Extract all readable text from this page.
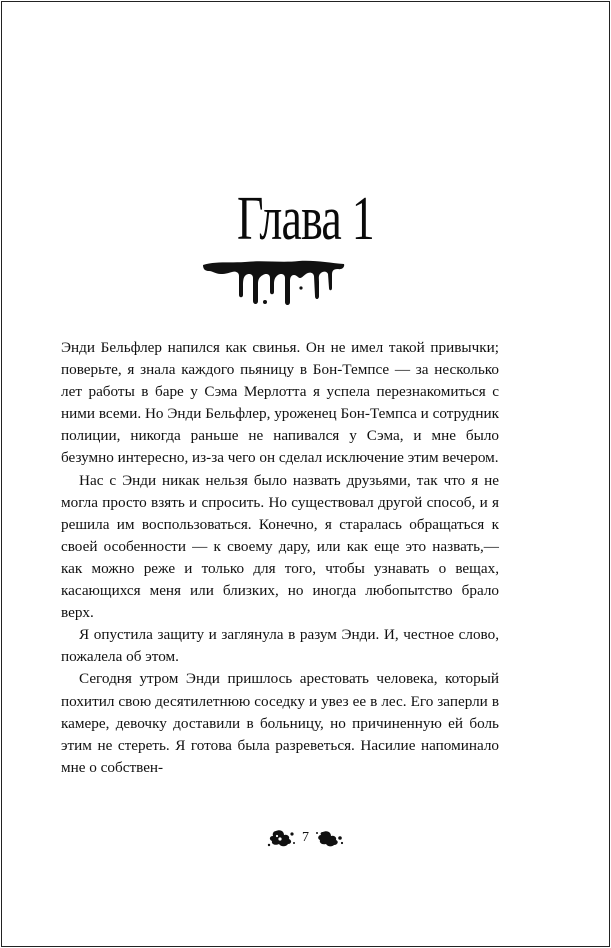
Глава 1

Энди Бельфлер напился как свинья. Он не имел такой привычки; поверьте, я знала каждого пьяницу в Бон-Темпсе — за несколько лет работы в баре у Сэма Мерлотта я успела перезнакомиться с ними всеми. Но Энди Бельфлер, уроженец Бон-Темпса и сотрудник полиции, никогда раньше не напивался у Сэма, и мне было безумно интересно, из-за чего он сделал исключение этим вечером.

Нас с Энди никак нельзя было назвать друзьями, так что я не могла просто взять и спросить. Но существовал другой способ, и я решила им воспользоваться. Конечно, я старалась обращаться к своей особенности — к своему дару, или как еще это назвать,— как можно реже и только для того, чтобы узнавать о вещах, касающихся меня или близких, но иногда любопытство брало верх.

Я опустила защиту и заглянула в разум Энди. И, честное слово, пожалела об этом.

Сегодня утром Энди пришлось арестовать человека, который похитил свою десятилетнюю соседку и увез ее в лес. Его заперли в камере, девочку доставили в больницу, но причиненную ей боль этим не стереть. Я готова была разреветься. Насилие напоминало мне о собствен-

7
